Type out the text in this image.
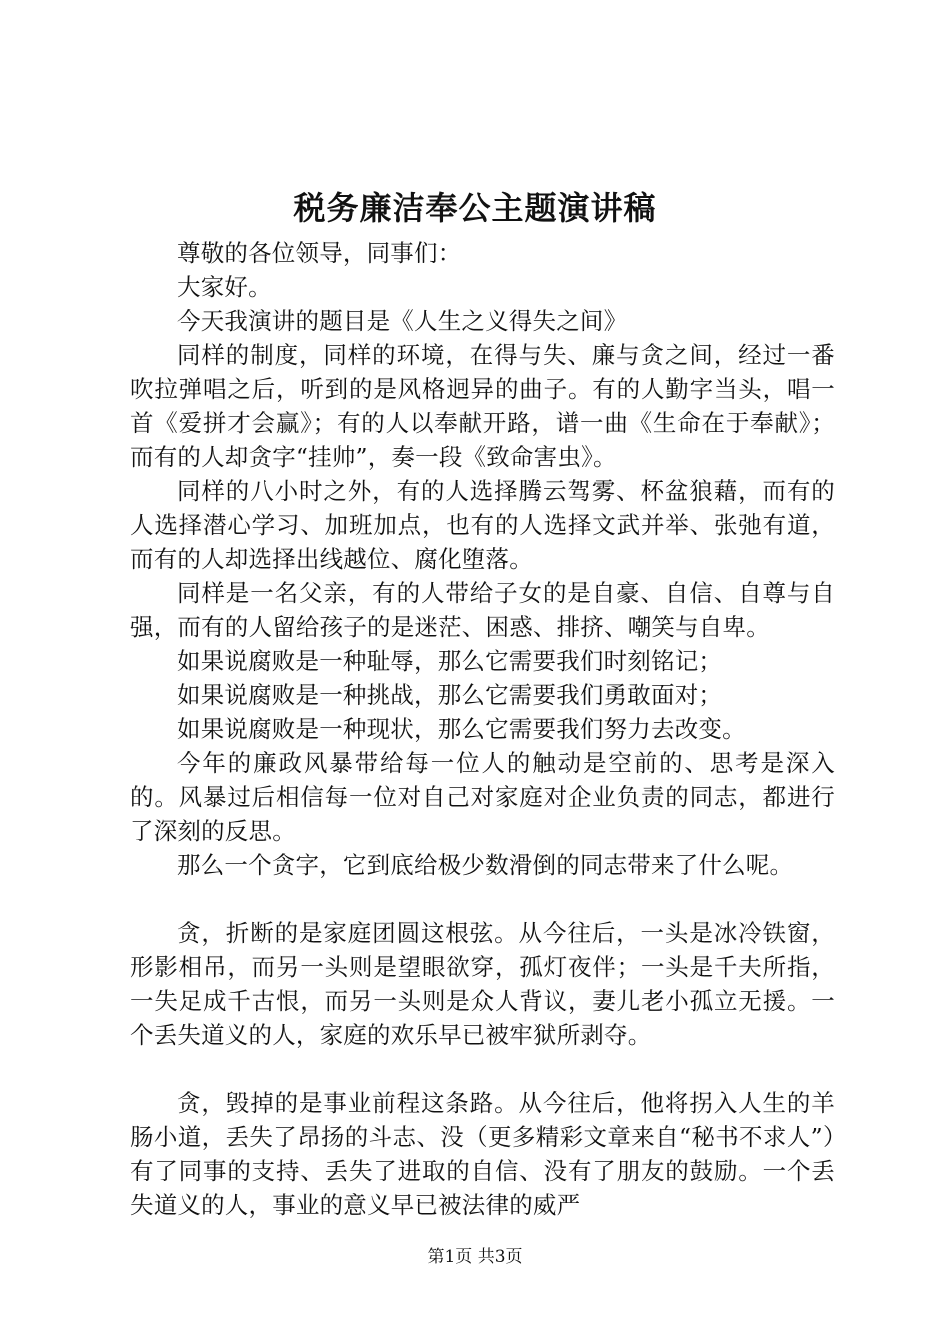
税务廉洁奉公主题演讲稿

尊敬的各位领导，同事们：

大家好。

今天我演讲的题目是《人生之义得失之间》

同样的制度，同样的环境，在得与失、廉与贪之间，经过一番吹拉弹唱之后，听到的是风格迥异的曲子。有的人勤字当头，唱一首《爱拼才会赢》；有的人以奉献开路，谱一曲《生命在于奉献》；而有的人却贪字“挂帅”，奏一段《致命害虫》。

同样的八小时之外，有的人选择腾云驾雾、杯盆狼藉，而有的人选择潜心学习、加班加点，也有的人选择文武并举、张弛有道，而有的人却选择出线越位、腐化堕落。

同样是一名父亲，有的人带给子女的是自豪、自信、自尊与自强，而有的人留给孩子的是迷茫、困惑、排挤、嘲笑与自卑。

如果说腐败是一种耻辱，那么它需要我们时刻铭记；

如果说腐败是一种挑战，那么它需要我们勇敢面对；

如果说腐败是一种现状，那么它需要我们努力去改变。

今年的廉政风暴带给每一位人的触动是空前的、思考是深入的。风暴过后相信每一位对自己对家庭对企业负责的同志，都进行了深刻的反思。

那么一个贪字，它到底给极少数滑倒的同志带来了什么呢。

贪，折断的是家庭团圆这根弦。从今往后，一头是冰冷铁窗，形影相吊，而另一头则是望眼欲穿，孤灯夜伴；一头是千夫所指，一失足成千古恨，而另一头则是众人背议，妻儿老小孤立无援。一个丢失道义的人，家庭的欢乐早已被牢狱所剥夺。

贪，毁掉的是事业前程这条路。从今往后，他将拐入人生的羊肠小道，丢失了昂扬的斗志、没（更多精彩文章来自“秘书不求人”）有了同事的支持、丢失了进取的自信、没有了朋友的鼓励。一个丢失道义的人，事业的意义早已被法律的威严

第1页 共3页
